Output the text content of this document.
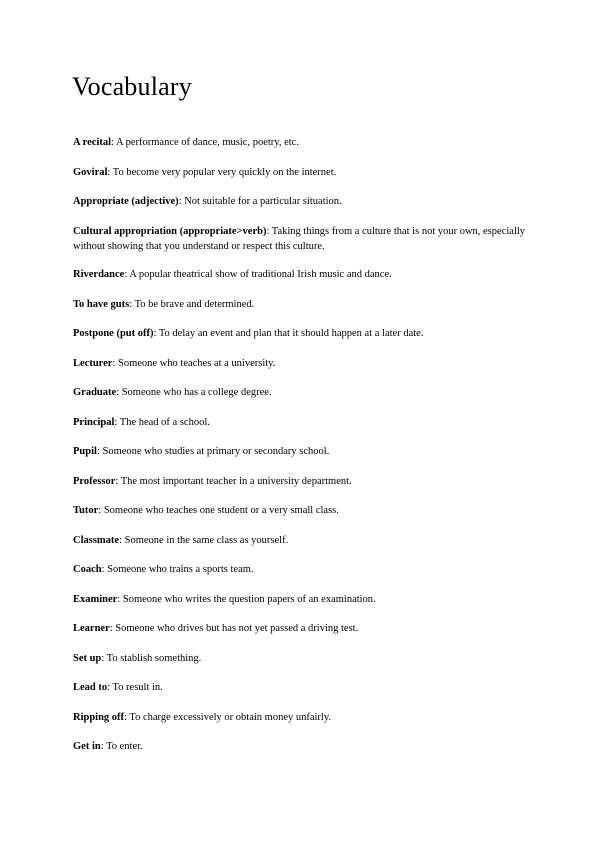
Vocabulary
A recital: A performance of dance, music, poetry, etc.
Goviral: To become very popular very quickly on the internet.
Appropriate (adjective): Not suitable for a particular situation.
Cultural appropriation (appropriate>verb): Taking things from a culture that is not your own, especially without showing that you understand or respect this culture.
Riverdance: A popular theatrical show of traditional Irish music and dance.
To have guts: To be brave and determined.
Postpone (put off): To delay an event and plan that it should happen at a later date.
Lecturer: Someone who teaches at a university.
Graduate: Someone who has a college degree.
Principal: The head of a school.
Pupil: Someone who studies at primary or secondary school.
Professor: The most important teacher in a university department.
Tutor: Someone who teaches one student or a very small class.
Classmate: Someone in the same class as yourself.
Coach: Someone who trains a sports team.
Examiner: Someone who writes the question papers of an examination.
Learner: Someone who drives but has not yet passed a driving test.
Set up: To stablish something.
Lead to: To result in.
Ripping off: To charge excessively or obtain money unfairly.
Get in: To enter.
